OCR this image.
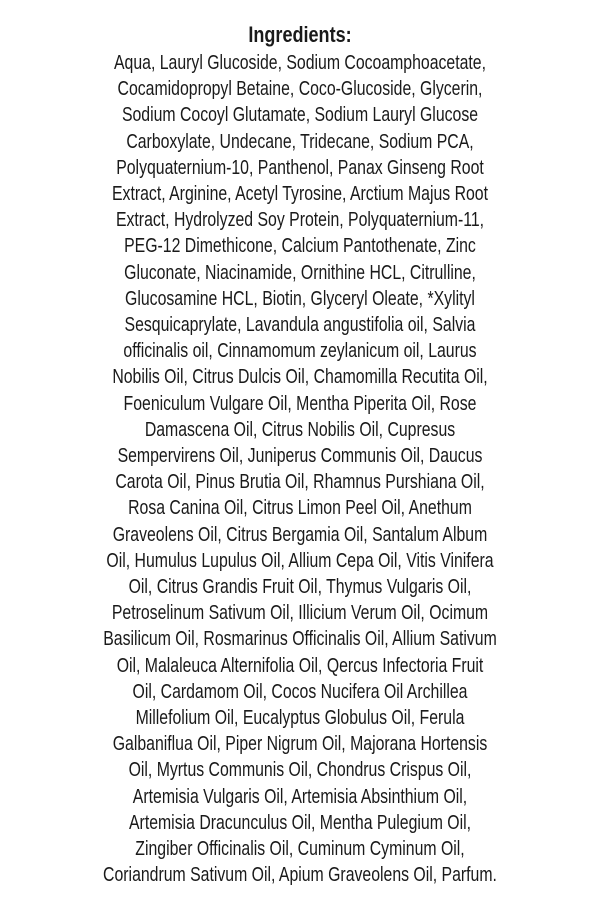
Ingredients:

Aqua, Lauryl Glucoside, Sodium Cocoamphoacetate,
Cocamidopropyl Betaine, Coco-Glucoside, Glycerin,
Sodium Cocoyl Glutamate, Sodium Lauryl Glucose
Carboxylate, Undecane, Tridecane, Sodium PCA,
Polyquaternium-10, Panthenol, Panax Ginseng Root
Extract, Arginine, Acetyl Tyrosine, Arctium Majus Root
Extract, Hydrolyzed Soy Protein, Polyquaternium-11,
PEG-12 Dimethicone, Calcium Pantothenate, Zinc
Gluconate, Niacinamide, Ornithine HCL, Citrulline,
Glucosamine HCL, Biotin, Glyceryl Oleate, *Xylityl
Sesquicaprylate, Lavandula angustifolia oil, Salvia
officinalis oil, Cinnamomum zeylanicum oil, Laurus
Nobilis Oil, Citrus Dulcis Oil, Chamomilla Recutita Oil,
Foeniculum Vulgare Oil, Mentha Piperita Oil, Rose
Damascena Oil, Citrus Nobilis Oil, Cupresus
Sempervirens Oil, Juniperus Communis Oil, Daucus
Carota Oil, Pinus Brutia Oil, Rhamnus Purshiana Oil,
Rosa Canina Oil, Citrus Limon Peel Oil, Anethum
Graveolens Oil, Citrus Bergamia Oil, Santalum Album
Oil, Humulus Lupulus Oil, Allium Cepa Oil, Vitis Vinifera
Oil, Citrus Grandis Fruit Oil, Thymus Vulgaris Oil,
Petroselinum Sativum Oil, Illicium Verum Oil, Ocimum
Basilicum Oil, Rosmarinus Officinalis Oil, Allium Sativum
Oil, Malaleuca Alternifolia Oil, Qercus Infectoria Fruit
Oil, Cardamom Oil, Cocos Nucifera Oil Archillea
Millefolium Oil, Eucalyptus Globulus Oil, Ferula
Galbaniflua Oil, Piper Nigrum Oil, Majorana Hortensis
Oil, Myrtus Communis Oil, Chondrus Crispus Oil,
Artemisia Vulgaris Oil, Artemisia Absinthium Oil,
Artemisia Dracunculus Oil, Mentha Pulegium Oil,
Zingiber Officinalis Oil, Cuminum Cyminum Oil,
Coriandrum Sativum Oil, Apium Graveolens Oil, Parfum.
